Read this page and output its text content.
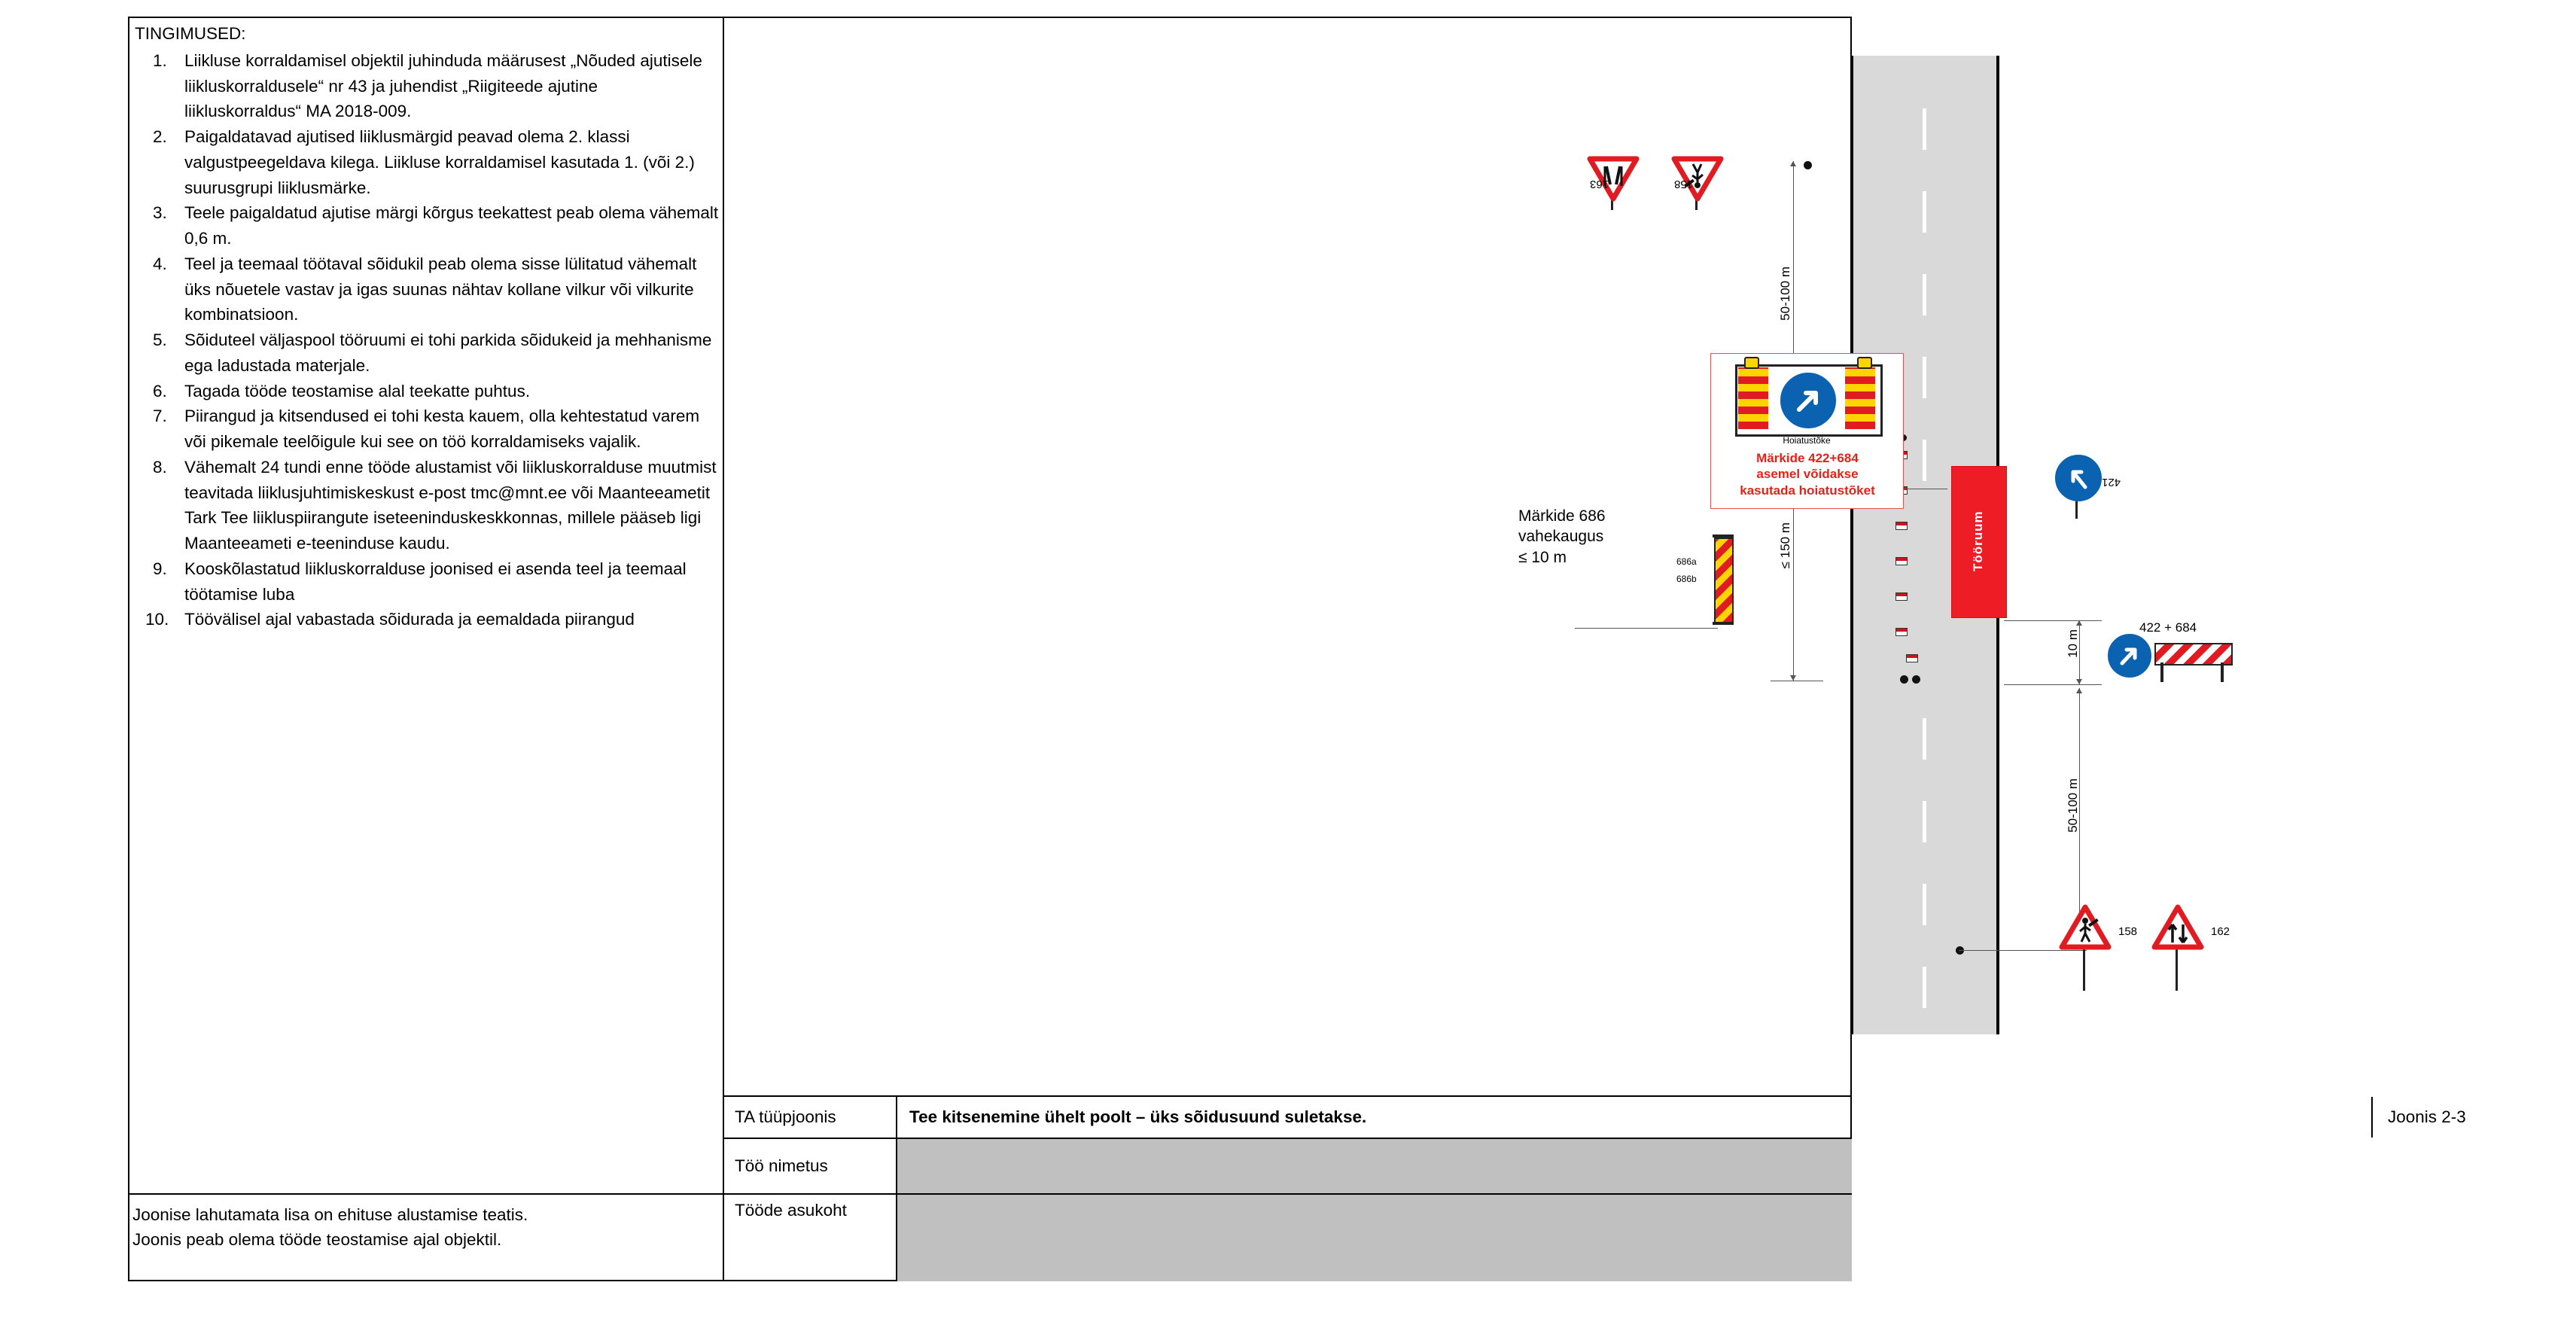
TINGIMUSED:

1.	Liikluse korraldamisel objektil juhinduda määrusest „Nõuded ajutisele liikluskorraldusele“ nr 43 ja juhendist „Riigiteede ajutine liikluskorraldus“ MA 2018-009.
2.	Paigaldatavad ajutised liiklusmärgid peavad olema 2. klassi valgustpeegeldava kilega. Liikluse korraldamisel kasutada 1. (või 2.) suurusgrupi liiklusmärke.
3.	Teele paigaldatud ajutise märgi kõrgus teekattest peab olema vähemalt 0,6 m.
4.	Teel ja teemaal töötaval sõidukil peab olema sisse lülitatud vähemalt üks nõuetele vastav ja igas suunas nähtav kollane vilkur või vilkurite kombinatsioon.
5.	Sõiduteel väljaspool tööruumi ei tohi parkida sõidukeid ja mehhanisme ega ladustada materjale.
6.	Tagada tööde teostamise alal teekatte puhtus.
7.	Piirangud ja kitsendused ei tohi kesta kauem, olla kehtestatud varem või pikemale teelõigule kui see on töö korraldamiseks vajalik.
8.	Vähemalt 24 tundi enne tööde alustamist või liikluskorralduse muutmist teavitada liiklusjuhtimiskeskust e-post tmc@mnt.ee või Maanteeametit Tark Tee liikluspiirangute iseteeninduskeskkonnas, millele pääseb ligi Maanteeameti e-teeninduse kaudu.
9.	Kooskõlastatud liikluskorralduse joonised ei asenda teel ja teemaal töötamise luba
10. Töövälisel ajal vabastada sõidurada ja eemaldada piirangud
Joonise lahutamata lisa on ehituse alustamise teatis.
Joonis peab olema tööde teostamise ajal objektil.
TA tüüpjoonis	Tee kitsenemine ühelt poolt – üks sõidusuund suletakse.	Joonis 2-3
Töö nimetus
Tööde asukoht
Tööruum
50-100 m
≤ 150 m
10 m
50-100 m
163	158
Märkide 686
vahekaugus
≤ 10 m	686a
686b
421
422 + 684
Hoiatustõke
Märkide 422+684
asemel võidakse
kasutada hoiatustõket
158	162
